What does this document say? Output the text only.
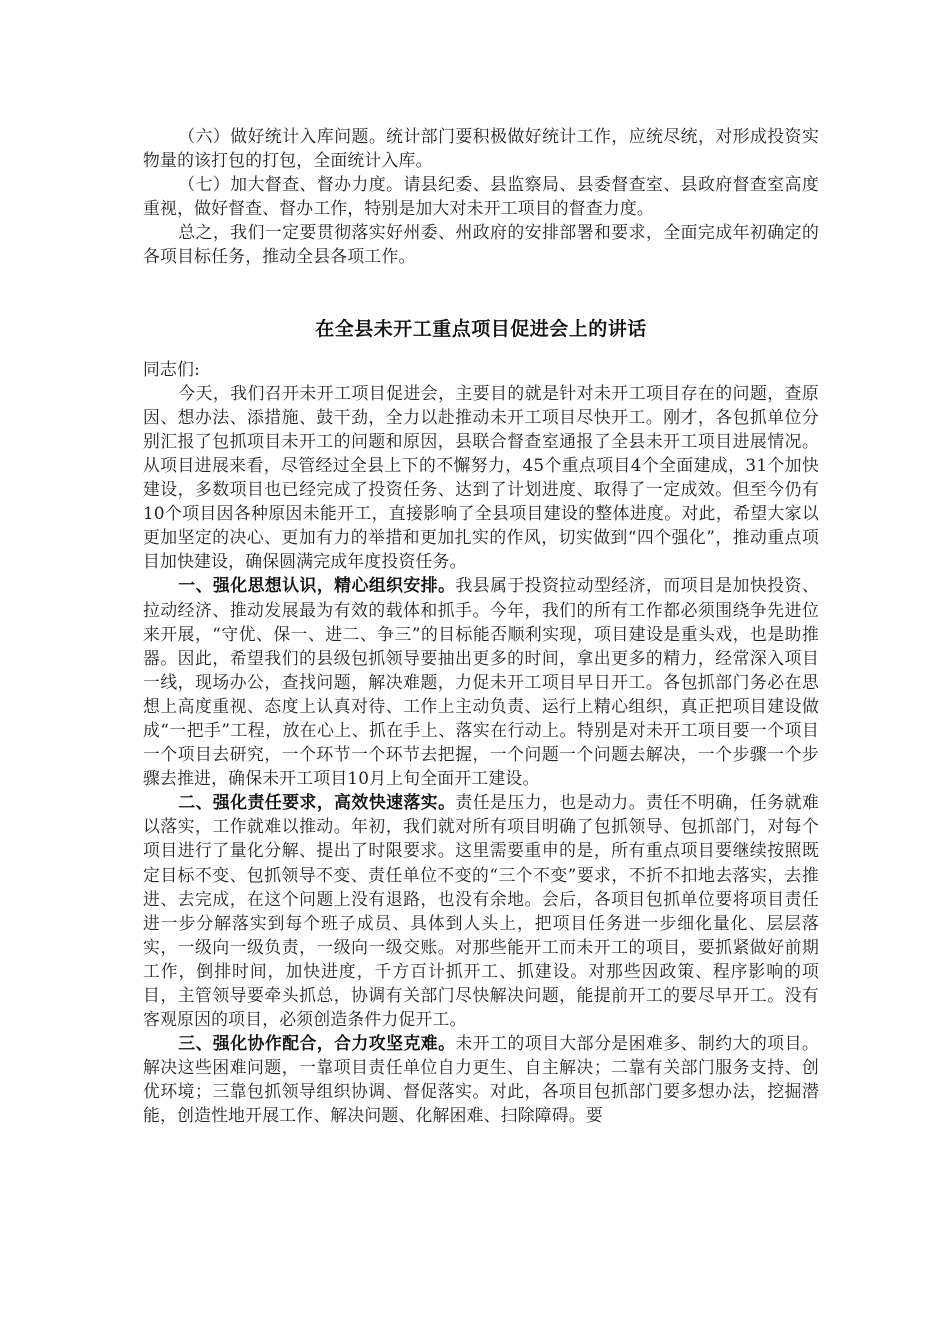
（六）做好统计入库问题。统计部门要积极做好统计工作，应统尽统，对形成投资实物量的该打包的打包，全面统计入库。

（七）加大督查、督办力度。请县纪委、县监察局、县委督查室、县政府督查室高度重视，做好督查、督办工作，特别是加大对未开工项目的督查力度。

总之，我们一定要贯彻落实好州委、州政府的安排部署和要求，全面完成年初确定的各项目标任务，推动全县各项工作。

在全县未开工重点项目促进会上的讲话

同志们:

今天，我们召开未开工项目促进会，主要目的就是针对未开工项目存在的问题，查原因、想办法、添措施、鼓干劲，全力以赴推动未开工项目尽快开工。刚才，各包抓单位分别汇报了包抓项目未开工的问题和原因，县联合督查室通报了全县未开工项目进展情况。从项目进展来看，尽管经过全县上下的不懈努力，45个重点项目4个全面建成，31个加快建设，多数项目也已经完成了投资任务、达到了计划进度、取得了一定成效。但至今仍有10个项目因各种原因未能开工，直接影响了全县项目建设的整体进度。对此，希望大家以更加坚定的决心、更加有力的举措和更加扎实的作风，切实做到“四个强化”，推动重点项目加快建设，确保圆满完成年度投资任务。

一、强化思想认识，精心组织安排。我县属于投资拉动型经济，而项目是加快投资、拉动经济、推动发展最为有效的载体和抓手。今年，我们的所有工作都必须围绕争先进位来开展，“守优、保一、进二、争三”的目标能否顺利实现，项目建设是重头戏，也是助推器。因此，希望我们的县级包抓领导要抽出更多的时间，拿出更多的精力，经常深入项目一线，现场办公，查找问题，解决难题，力促未开工项目早日开工。各包抓部门务必在思想上高度重视、态度上认真对待、工作上主动负责、运行上精心组织，真正把项目建设做成“一把手”工程，放在心上、抓在手上、落实在行动上。特别是对未开工项目要一个项目一个项目去研究，一个环节一个环节去把握，一个问题一个问题去解决，一个步骤一个步骤去推进，确保未开工项目10月上旬全面开工建设。

二、强化责任要求，高效快速落实。责任是压力，也是动力。责任不明确，任务就难以落实，工作就难以推动。年初，我们就对所有项目明确了包抓领导、包抓部门，对每个项目进行了量化分解、提出了时限要求。这里需要重申的是，所有重点项目要继续按照既定目标不变、包抓领导不变、责任单位不变的“三个不变”要求，不折不扣地去落实，去推进、去完成，在这个问题上没有退路，也没有余地。会后，各项目包抓单位要将项目责任进一步分解落实到每个班子成员、具体到人头上，把项目任务进一步细化量化、层层落实，一级向一级负责，一级向一级交账。对那些能开工而未开工的项目，要抓紧做好前期工作，倒排时间，加快进度，千方百计抓开工、抓建设。对那些因政策、程序影响的项目，主管领导要牵头抓总，协调有关部门尽快解决问题，能提前开工的要尽早开工。没有客观原因的项目，必须创造条件力促开工。

三、强化协作配合，合力攻坚克难。未开工的项目大部分是困难多、制约大的项目。解决这些困难问题，一靠项目责任单位自力更生、自主解决；二靠有关部门服务支持、创优环境；三靠包抓领导组织协调、督促落实。对此，各项目包抓部门要多想办法，挖掘潜能，创造性地开展工作、解决问题、化解困难、扫除障碍。要
